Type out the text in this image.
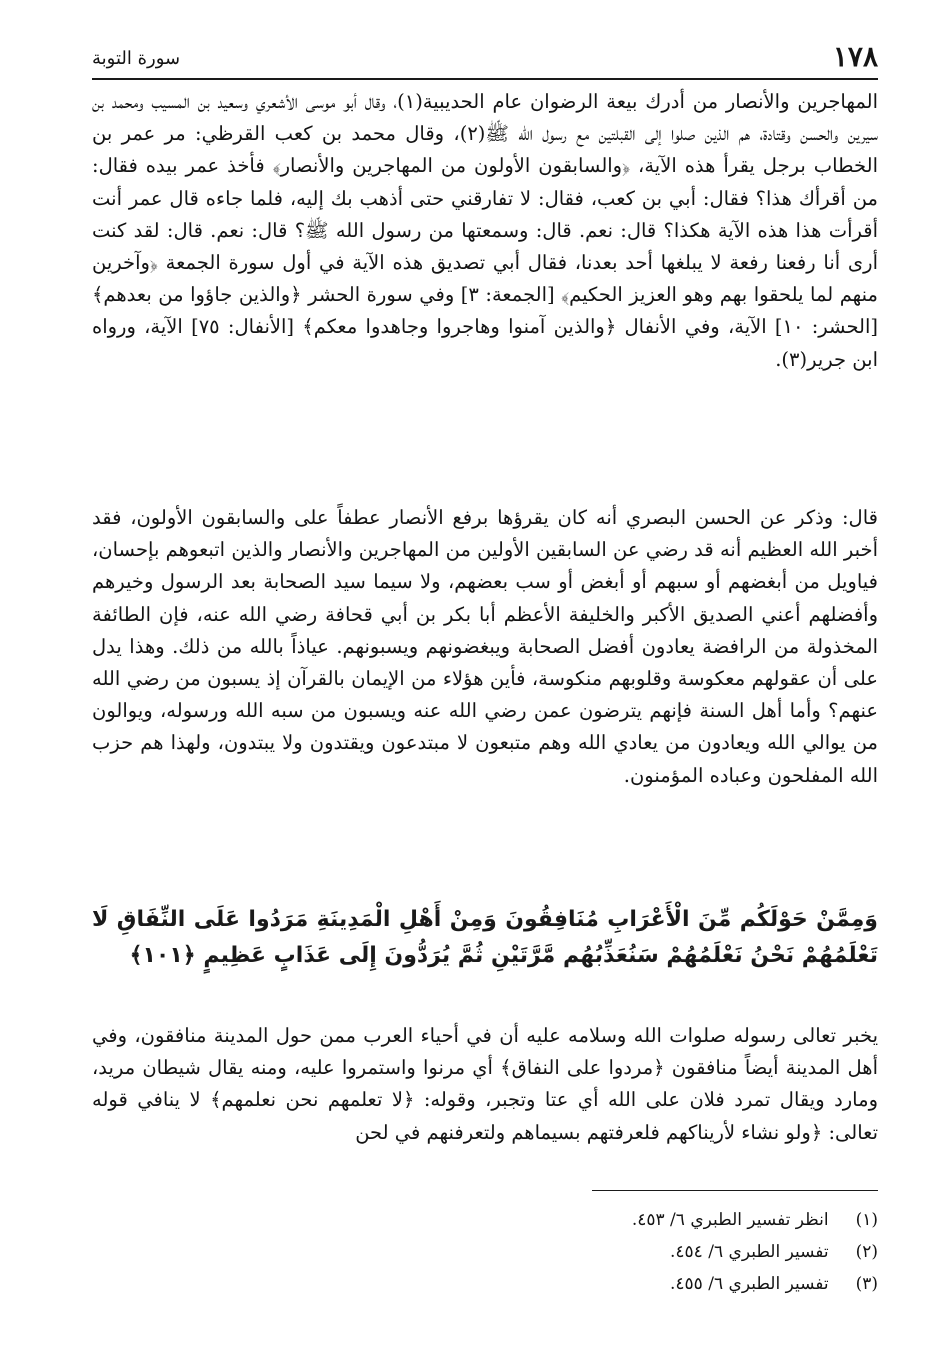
١٧٨
سورة التوبة

المهاجرين والأنصار من أدرك بيعة الرضوان عام الحديبية(١)، وقال أبو موسى الأشعري وسعيد بن المسيب ومحمد بن سيرين والحسن وقتادة، هم الذين صلوا إلى القبلتين مع رسول الله ﷺ(٢)، وقال محمد بن كعب القرظي: مر عمر بن الخطاب برجل يقرأ هذه الآية، ﴿والسابقون الأولون من المهاجرين والأنصار﴾ فأخذ عمر بيده فقال: من أقرأك هذا؟ فقال: أبي بن كعب، فقال: لا تفارقني حتى أذهب بك إليه، فلما جاءه قال عمر أنت أقرأت هذا هذه الآية هكذا؟ قال: نعم. قال: وسمعتها من رسول الله ﷺ؟ قال: نعم. قال: لقد كنت أرى أنا رفعنا رفعة لا يبلغها أحد بعدنا، فقال أبي تصديق هذه الآية في أول سورة الجمعة ﴿وآخرين منهم لما يلحقوا بهم وهو العزيز الحكيم﴾ [الجمعة: ٣] وفي سورة الحشر ﴿والذين جاؤوا من بعدهم﴾ [الحشر: ١٠] الآية، وفي الأنفال ﴿والذين آمنوا وهاجروا وجاهدوا معكم﴾ [الأنفال: ٧٥] الآية، ورواه ابن جرير(٣).

قال: وذكر عن الحسن البصري أنه كان يقرؤها برفع الأنصار عطفاً على والسابقون الأولون، فقد أخبر الله العظيم أنه قد رضي عن السابقين الأولين من المهاجرين والأنصار والذين اتبعوهم بإحسان، فياويل من أبغضهم أو سبهم أو أبغض أو سب بعضهم، ولا سيما سيد الصحابة بعد الرسول وخيرهم وأفضلهم أعني الصديق الأكبر والخليفة الأعظم أبا بكر بن أبي قحافة رضي الله عنه، فإن الطائفة المخذولة من الرافضة يعادون أفضل الصحابة ويبغضونهم ويسبونهم. عياذاً بالله من ذلك. وهذا يدل على أن عقولهم معكوسة وقلوبهم منكوسة، فأين هؤلاء من الإيمان بالقرآن إذ يسبون من رضي الله عنهم؟ وأما أهل السنة فإنهم يترضون عمن رضي الله عنه ويسبون من سبه الله ورسوله، ويوالون من يوالي الله ويعادون من يعادي الله وهم متبعون لا مبتدعون ويقتدون ولا يبتدون، ولهذا هم حزب الله المفلحون وعباده المؤمنون.

وَمِمَّنْ حَوْلَكُم مِّنَ الْأَعْرَابِ مُنَافِقُونَ وَمِنْ أَهْلِ الْمَدِينَةِ مَرَدُوا عَلَى النِّفَاقِ لَا تَعْلَمُهُمْ نَحْنُ نَعْلَمُهُمْ سَنُعَذِّبُهُم مَّرَّتَيْنِ ثُمَّ يُرَدُّونَ إِلَى عَذَابٍ عَظِيمٍ ﴿١٠١﴾

يخبر تعالى رسوله صلوات الله وسلامه عليه أن في أحياء العرب ممن حول المدينة منافقون، وفي أهل المدينة أيضاً منافقون ﴿مردوا على النفاق﴾ أي مرنوا واستمروا عليه، ومنه يقال شيطان مريد، ومارد ويقال تمرد فلان على الله أي عتا وتجبر، وقوله: ﴿لا تعلمهم نحن نعلمهم﴾ لا ينافي قوله تعالى: ﴿ولو نشاء لأريناكهم فلعرفتهم بسيماهم ولتعرفنهم في لحن

(١) انظر تفسير الطبري ٦/ ٤٥٣.
(٢) تفسير الطبري ٦/ ٤٥٤.
(٣) تفسير الطبري ٦/ ٤٥٥.
